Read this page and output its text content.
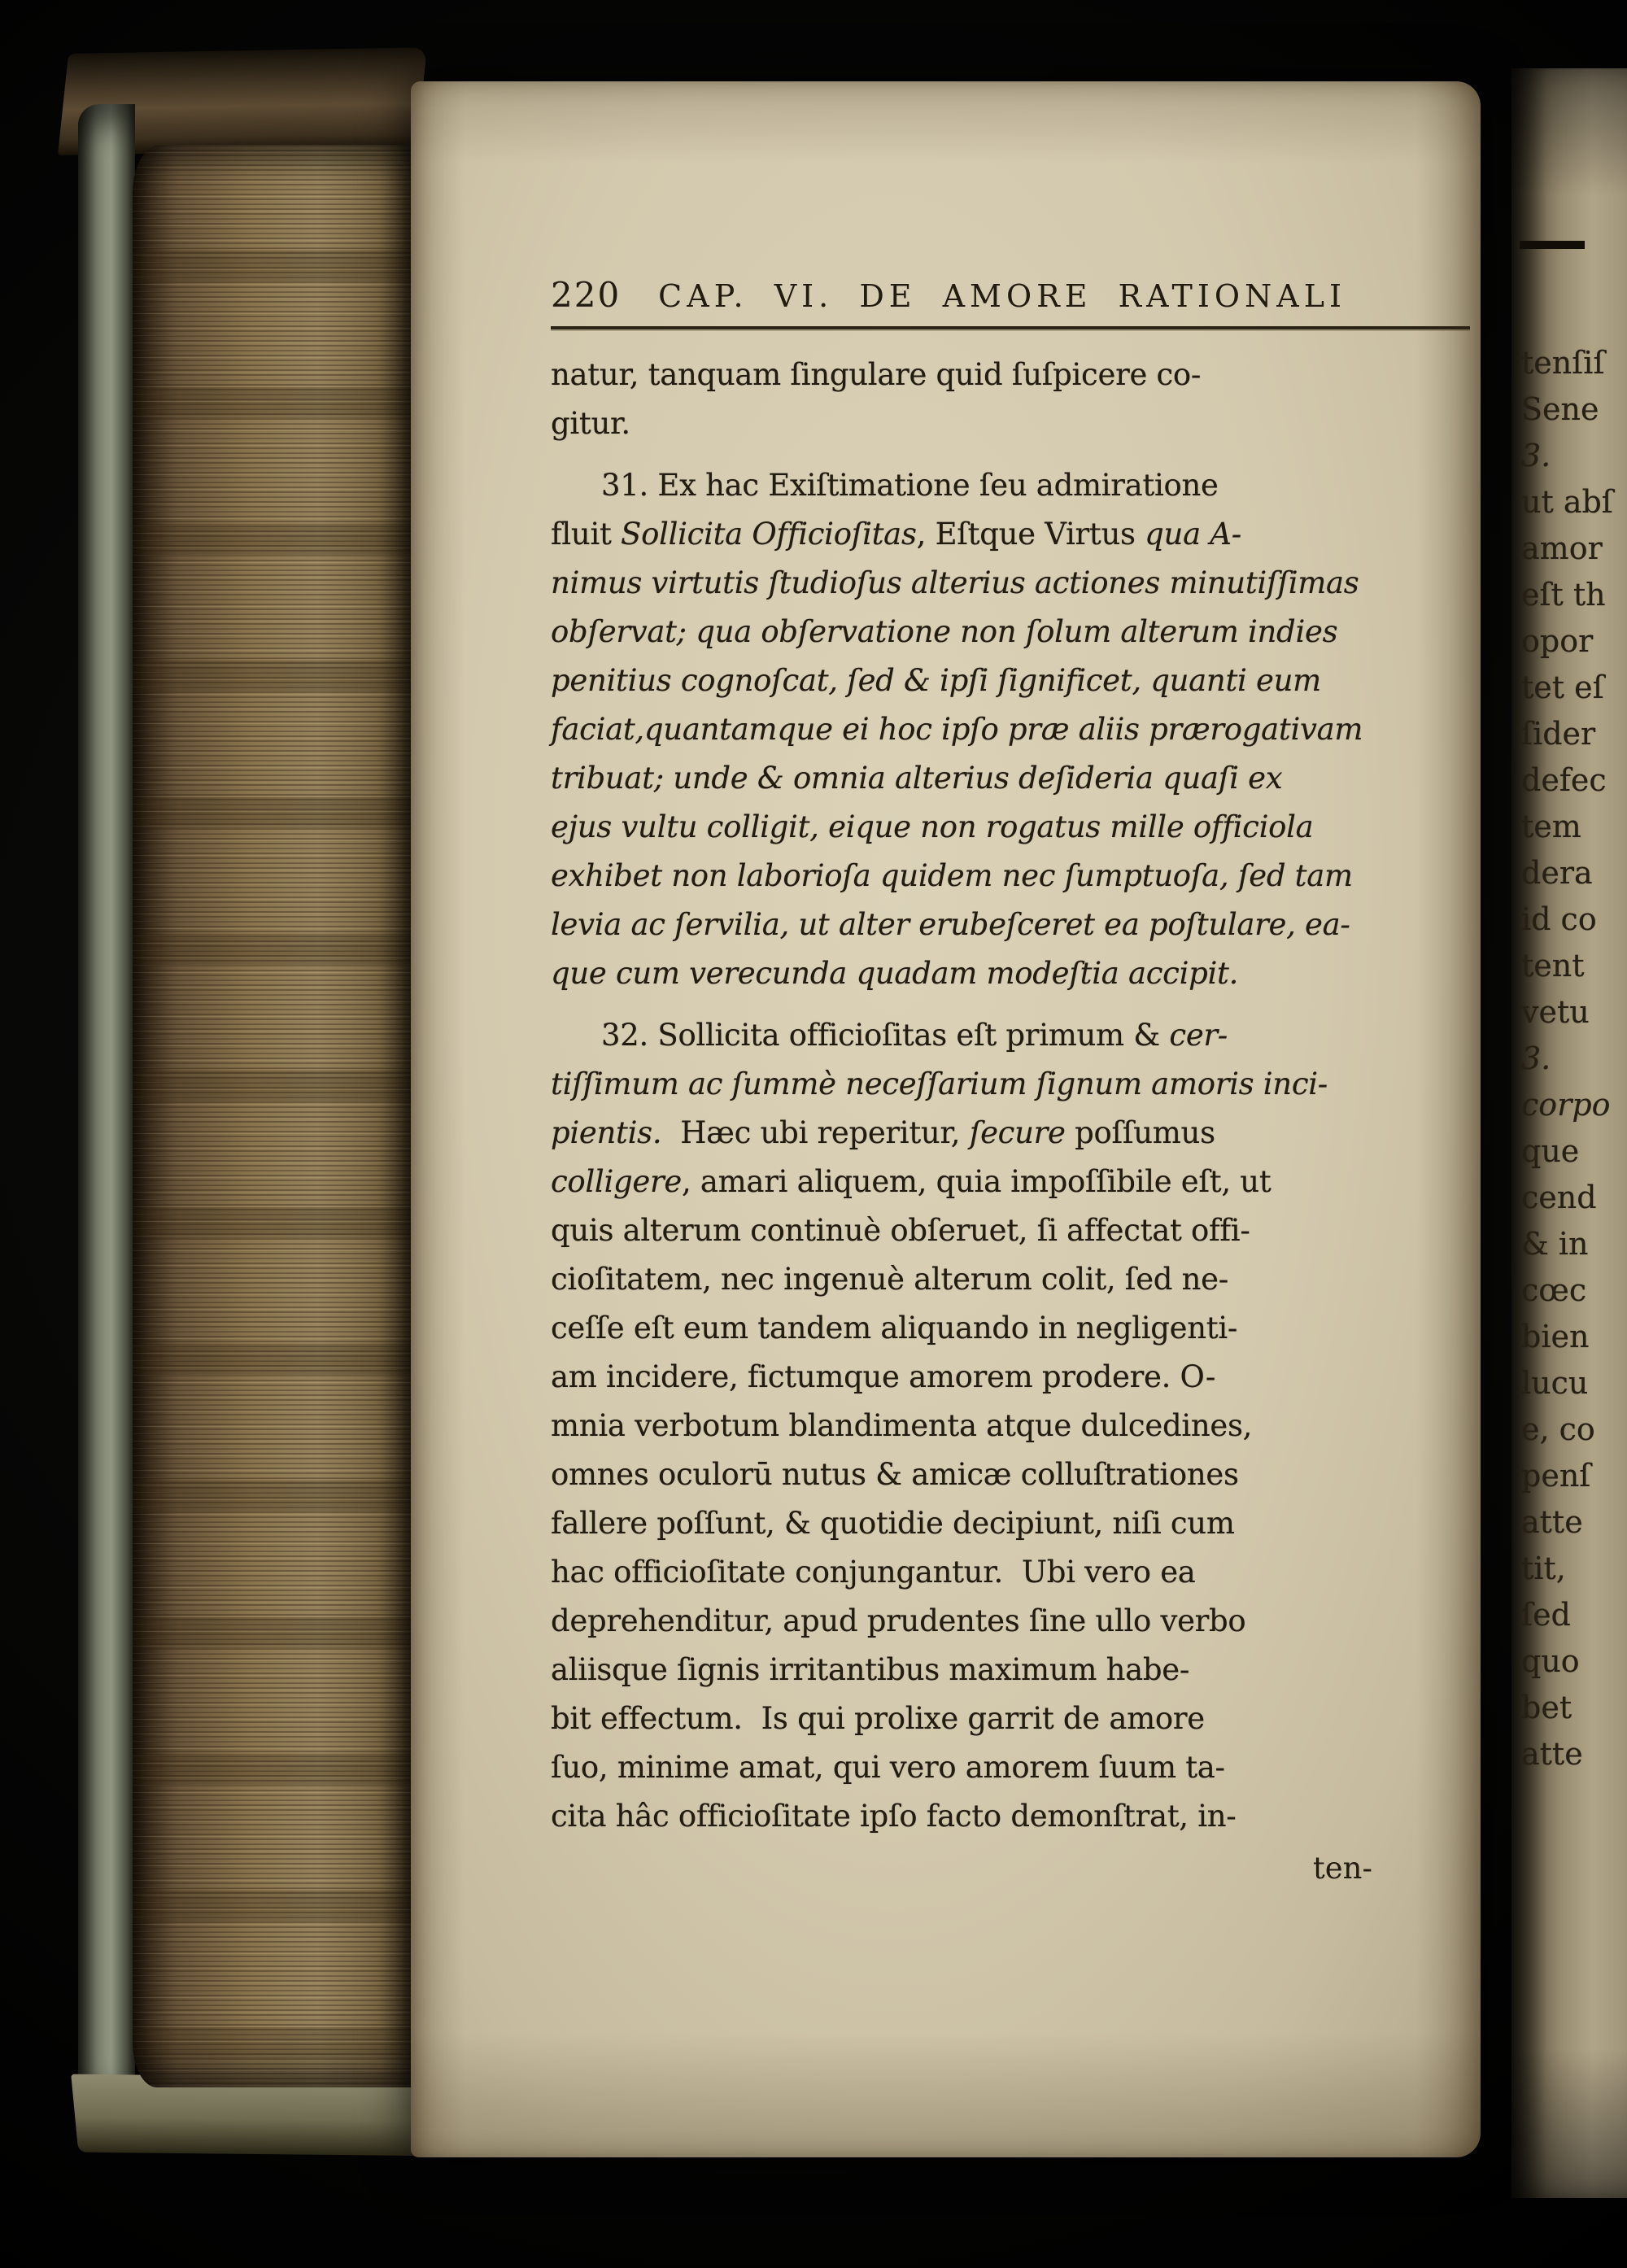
220 CAP. VI. DE AMORE RATIONALI
natur, tanquam ſingulare quid ſuſpicere co-
gitur.
31. Ex hac Exiſtimatione ſeu admiratione
fluit Sollicita Officioſitas, Eſtque Virtus qua A-
nimus virtutis ſtudioſus alterius actiones minutiſſimas
obſervat; qua obſervatione non ſolum alterum indies
penitius cognoſcat, ſed & ipſi ſignificet, quanti eum
faciat,quantamque ei hoc ipſo præ aliis prærogativam
tribuat; unde & omnia alterius deſideria quaſi ex
ejus vultu colligit, eique non rogatus mille officiola
exhibet non laborioſa quidem nec ſumptuoſa, ſed tam
levia ac ſervilia, ut alter erubeſceret ea poſtulare, ea-
que cum verecunda quadam modeſtia accipit.
32. Sollicita officioſitas eſt primum & cer-
tiſſimum ac ſummè neceſſarium ſignum amoris inci-
pientis.  Hæc ubi reperitur, ſecure poſſumus
colligere, amari aliquem, quia impoſſibile eſt, ut
quis alterum continuè obſeruet, ſi affectat offi-
cioſitatem, nec ingenuè alterum colit, ſed ne-
ceſſe eſt eum tandem aliquando in negligenti-
am incidere, fictumque amorem prodere. O-
mnia verbotum blandimenta atque dulcedines,
omnes oculorū nutus & amicæ colluſtrationes
fallere poſſunt, & quotidie decipiunt, niſi cum
hac officioſitate conjungantur.  Ubi vero ea
deprehenditur, apud prudentes ſine ullo verbo
aliisque ſignis irritantibus maximum habe-
bit effectum.  Is qui prolixe garrit de amore
ſuo, minime amat, qui vero amorem ſuum ta-
cita hâc officioſitate ipſo facto demonſtrat, in-
ten-
tenſiſ
Sene
3.
ut abſ
amor
eſt th
opor
tet eſ
ſider
defec
tem
dera
id co
tent
vetu
3.
corpo
que
cend
& in
cœc
bien
lucu
e, co
penſ
atte
tit,
ſed
quo
bet
atte
